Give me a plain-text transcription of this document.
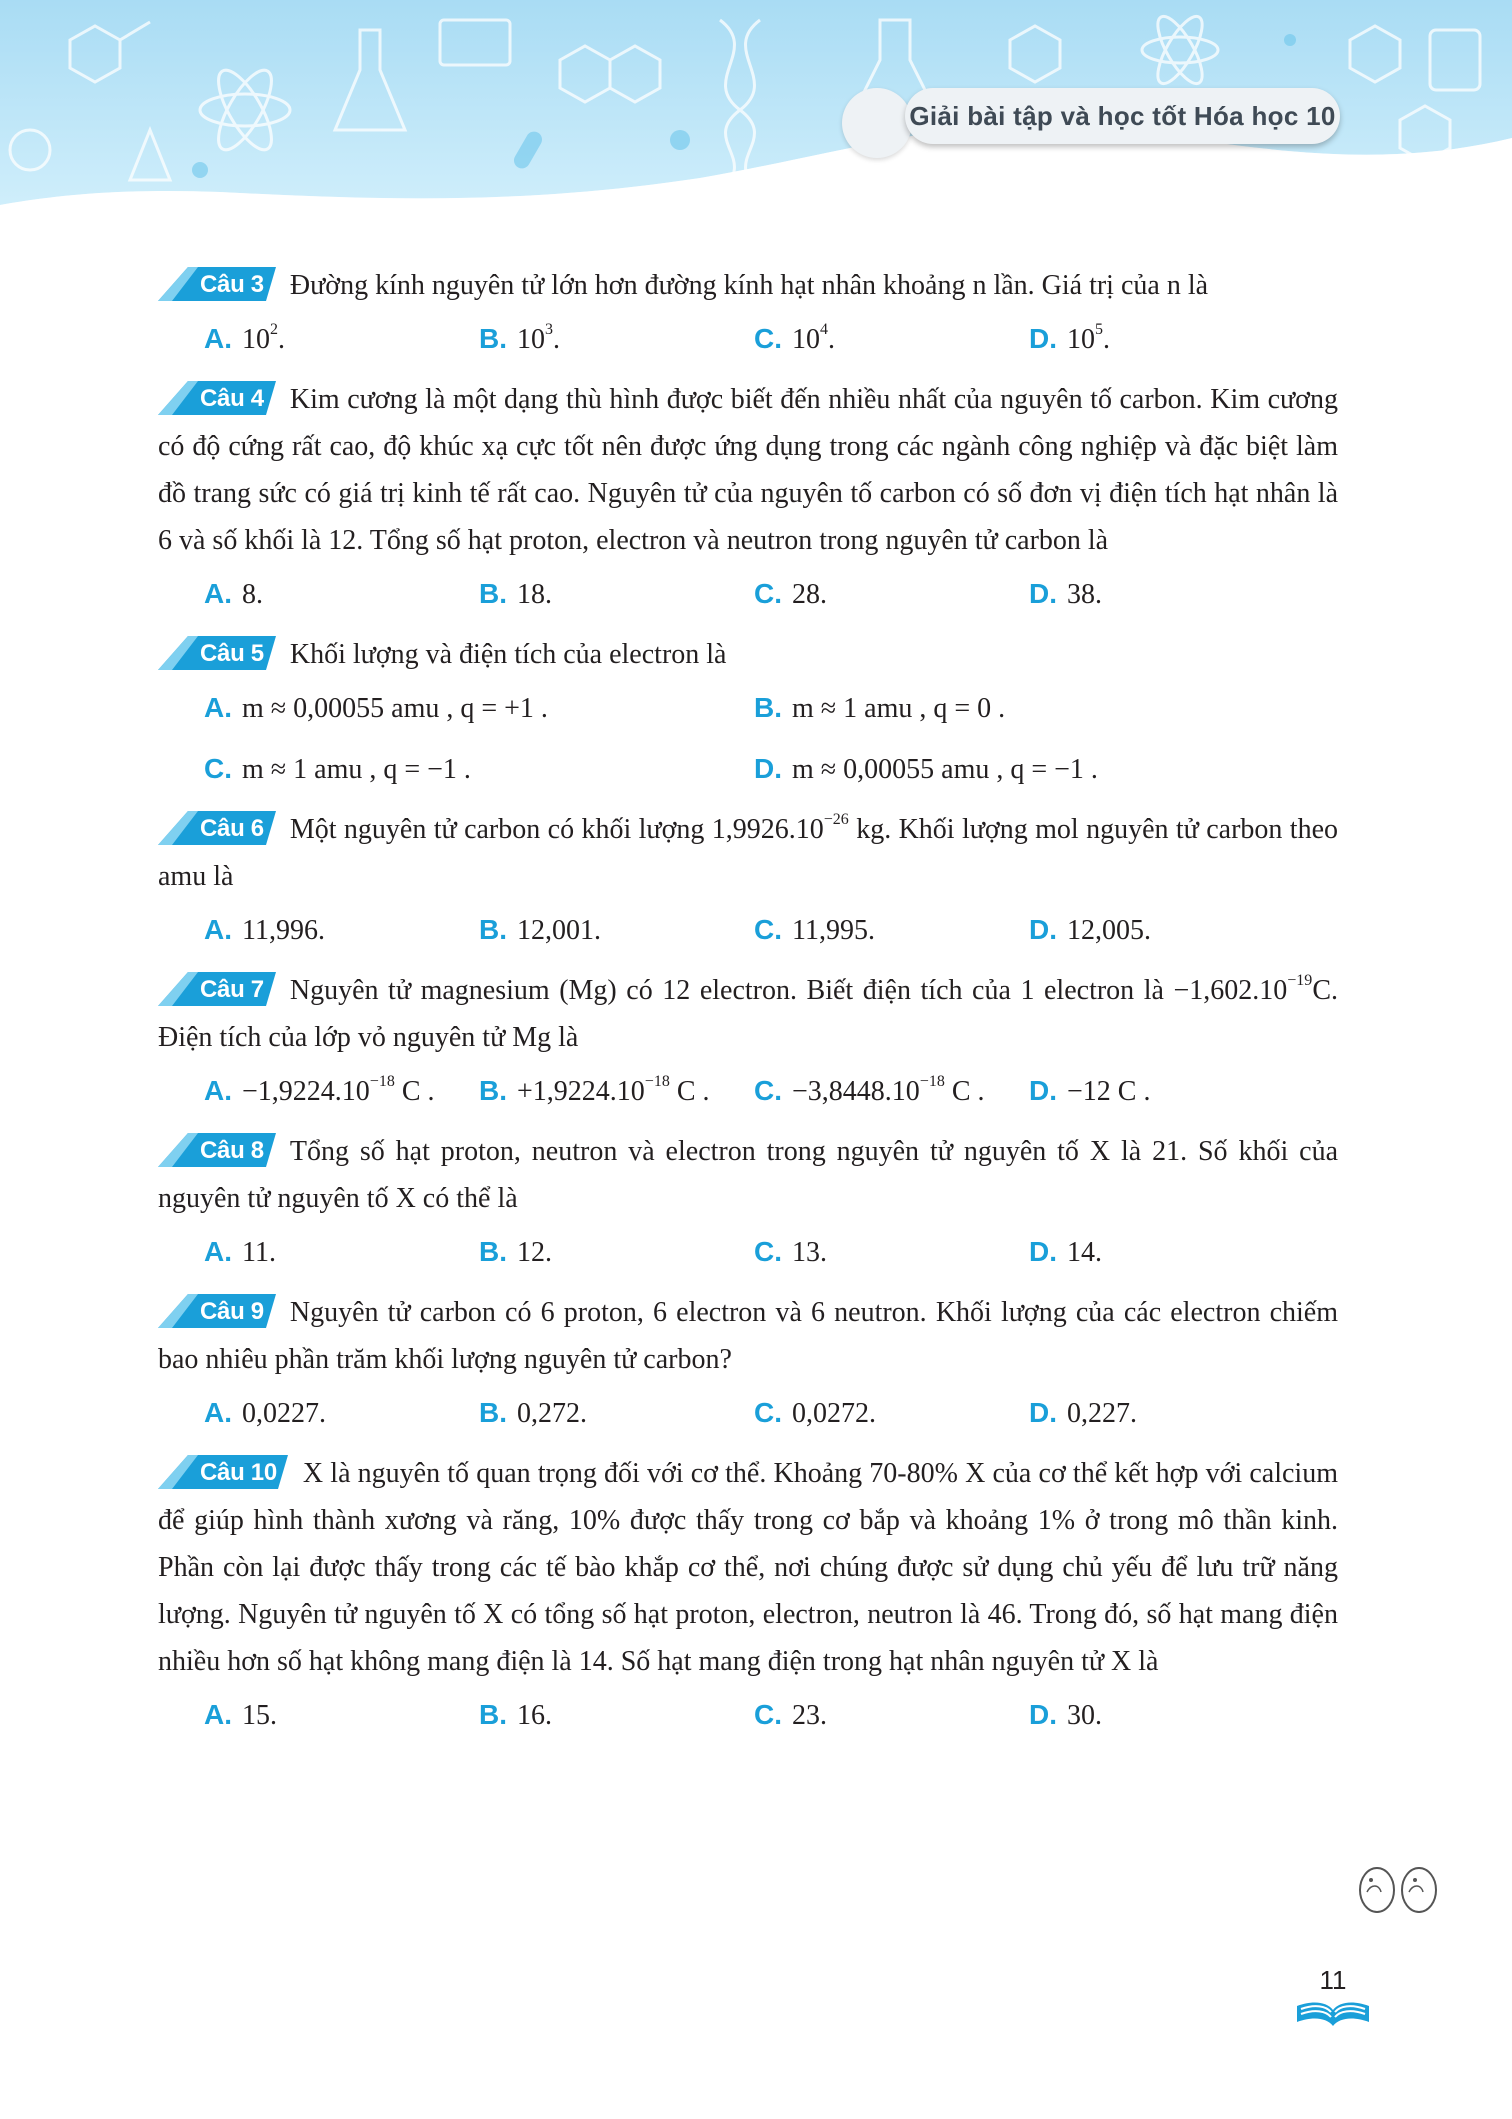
Giải bài tập và học tốt Hóa học 10

Câu 3 Đường kính nguyên tử lớn hơn đường kính hạt nhân khoảng n lần. Giá trị của n là

A. $10^2$.	B. $10^3$.	C. $10^4$.	D. $10^5$.

Câu 4 Kim cương là một dạng thù hình được biết đến nhiều nhất của nguyên tố carbon. Kim cương có độ cứng rất cao, độ khúc xạ cực tốt nên được ứng dụng trong các ngành công nghiệp và đặc biệt làm đồ trang sức có giá trị kinh tế rất cao. Nguyên tử của nguyên tố carbon có số đơn vị điện tích hạt nhân là 6 và số khối là 12. Tổng số hạt proton, electron và neutron trong nguyên tử carbon là

A. 8.	B. 18.	C. 28.	D. 38.

Câu 5 Khối lượng và điện tích của electron là

A. m ≈ 0,00055 amu , q = +1 .	B. m ≈ 1 amu , q = 0 .
C. m ≈ 1 amu , q = −1 .	D. m ≈ 0,00055 amu , q = −1 .

Câu 6 Một nguyên tử carbon có khối lượng $1,9926.10^{-26}$ kg. Khối lượng mol nguyên tử carbon theo amu là

A. 11,996.	B. 12,001.	C. 11,995.	D. 12,005.

Câu 7 Nguyên tử magnesium (Mg) có 12 electron. Biết điện tích của 1 electron là $-1,602.10^{-19}C$. Điện tích của lớp vỏ nguyên tử Mg là

A. $-1,9224.10^{-18}$ C .	B. $+1,9224.10^{-18}$ C .	C. $-3,8448.10^{-18}$ C .	D. −12 C .

Câu 8 Tổng số hạt proton, neutron và electron trong nguyên tử nguyên tố X là 21. Số khối của nguyên tử nguyên tố X có thể là

A. 11.	B. 12.	C. 13.	D. 14.

Câu 9 Nguyên tử carbon có 6 proton, 6 electron và 6 neutron. Khối lượng của các electron chiếm bao nhiêu phần trăm khối lượng nguyên tử carbon?

A. 0,0227.	B. 0,272.	C. 0,0272.	D. 0,227.

Câu 10 X là nguyên tố quan trọng đối với cơ thể. Khoảng 70-80% X của cơ thể kết hợp với calcium để giúp hình thành xương và răng, 10% được thấy trong cơ bắp và khoảng 1% ở trong mô thần kinh. Phần còn lại được thấy trong các tế bào khắp cơ thể, nơi chúng được sử dụng chủ yếu để lưu trữ năng lượng. Nguyên tử nguyên tố X có tổng số hạt proton, electron, neutron là 46. Trong đó, số hạt mang điện nhiều hơn số hạt không mang điện là 14. Số hạt mang điện trong hạt nhân nguyên tử X là

A. 15.	B. 16.	C. 23.	D. 30.
11
